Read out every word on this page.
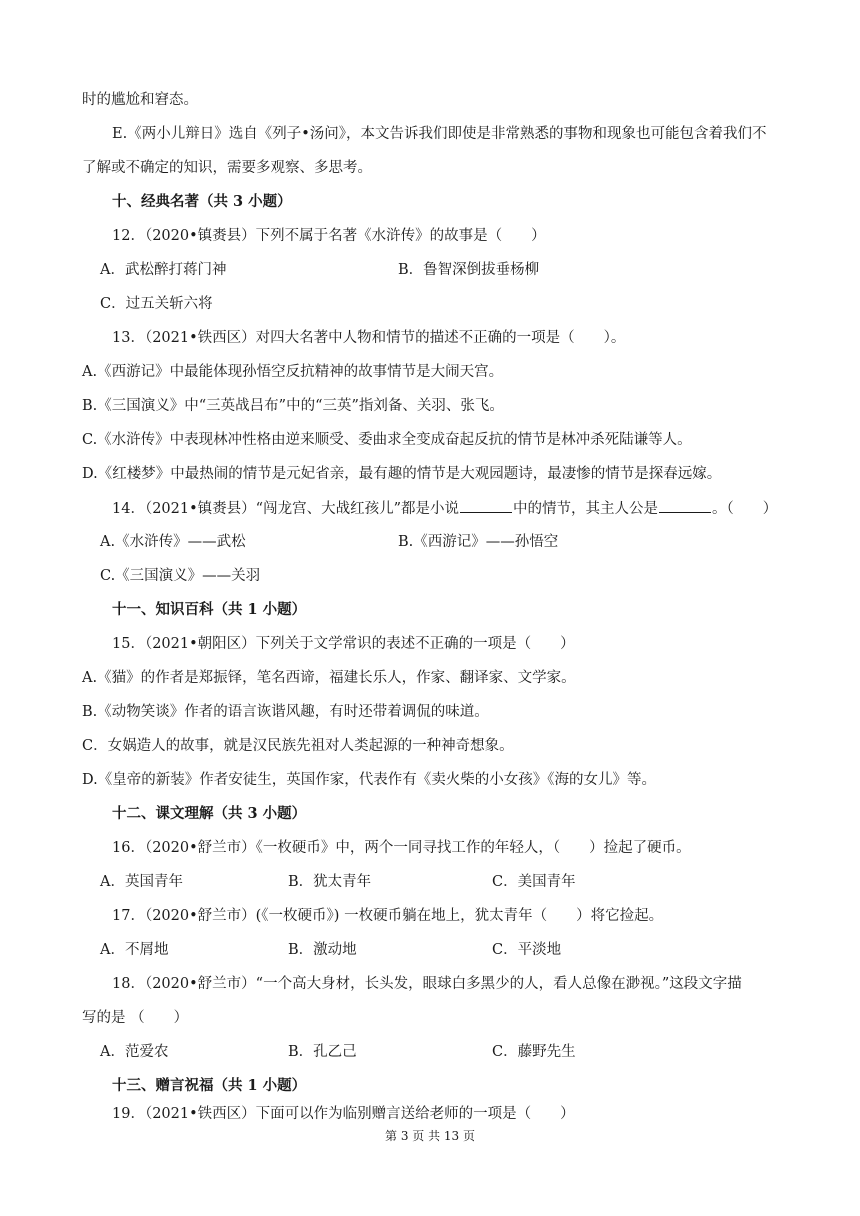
时的尴尬和窘态。
E.《两小儿辩日》选自《列子•汤问》，本文告诉我们即使是非常熟悉的事物和现象也可能包含着我们不
了解或不确定的知识，需要多观察、多思考。
十、经典名著（共 3 小题）
12．（2020•镇赉县）下列不属于名著《水浒传》的故事是（　　）
A．武松醉打蒋门神	B．鲁智深倒拔垂杨柳
C．过五关斩六将
13．（2021•铁西区）对四大名著中人物和情节的描述不正确的一项是（　　）。
A.《西游记》中最能体现孙悟空反抗精神的故事情节是大闹天宫。
B.《三国演义》中“三英战吕布”中的“三英”指刘备、关羽、张飞。
C.《水浒传》中表现林冲性格由逆来顺受、委曲求全变成奋起反抗的情节是林冲杀死陆谦等人。
D.《红楼梦》中最热闹的情节是元妃省亲，最有趣的情节是大观园题诗，最凄惨的情节是探春远嫁。
14．（2021•镇赉县）“闯龙宫、大战红孩儿”都是小说	中的情节，其主人公是	。（　　）
A.《水浒传》——武松	B.《西游记》——孙悟空
C.《三国演义》——关羽
十一、知识百科（共 1 小题）
15．（2021•朝阳区）下列关于文学常识的表述不正确的一项是（　　）
A.《猫》的作者是郑振铎，笔名西谛，福建长乐人，作家、翻译家、文学家。
B.《动物笑谈》作者的语言诙谐风趣，有时还带着调侃的味道。
C．女娲造人的故事，就是汉民族先祖对人类起源的一种神奇想象。
D.《皇帝的新装》作者安徒生，英国作家，代表作有《卖火柴的小女孩》《海的女儿》等。
十二、课文理解（共 3 小题）
16．（2020•舒兰市）《一枚硬币》中，两个一同寻找工作的年轻人，（　　）捡起了硬币。
A．英国青年	B．犹太青年	C．美国青年
17．（2020•舒兰市）(《一枚硬币》) 一枚硬币躺在地上，犹太青年（　　）将它捡起。
A．不屑地	B．激动地	C．平淡地
18．（2020•舒兰市）“一个高大身材，长头发，眼球白多黑少的人，看人总像在渺视。”这段文字描
写的是 （　　）
A．范爱农	B．孔乙己	C．藤野先生
十三、赠言祝福（共 1 小题）
19．（2021•铁西区）下面可以作为临别赠言送给老师的一项是（　　）
第 3 页 共 13 页
